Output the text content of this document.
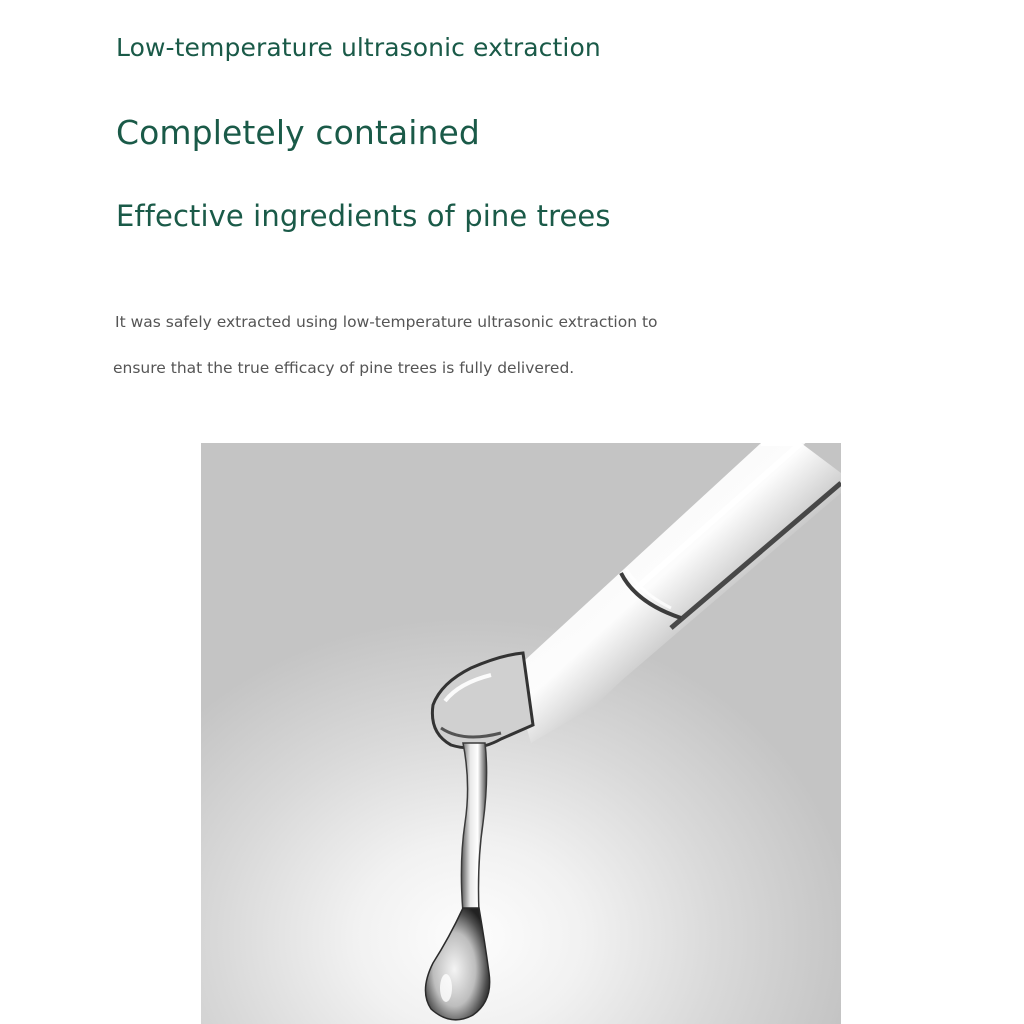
Low-temperature ultrasonic extraction
Completely contained
Effective ingredients of pine trees

It was safely extracted using low-temperature ultrasonic extraction to

ensure that the true efficacy of pine trees is fully delivered.
